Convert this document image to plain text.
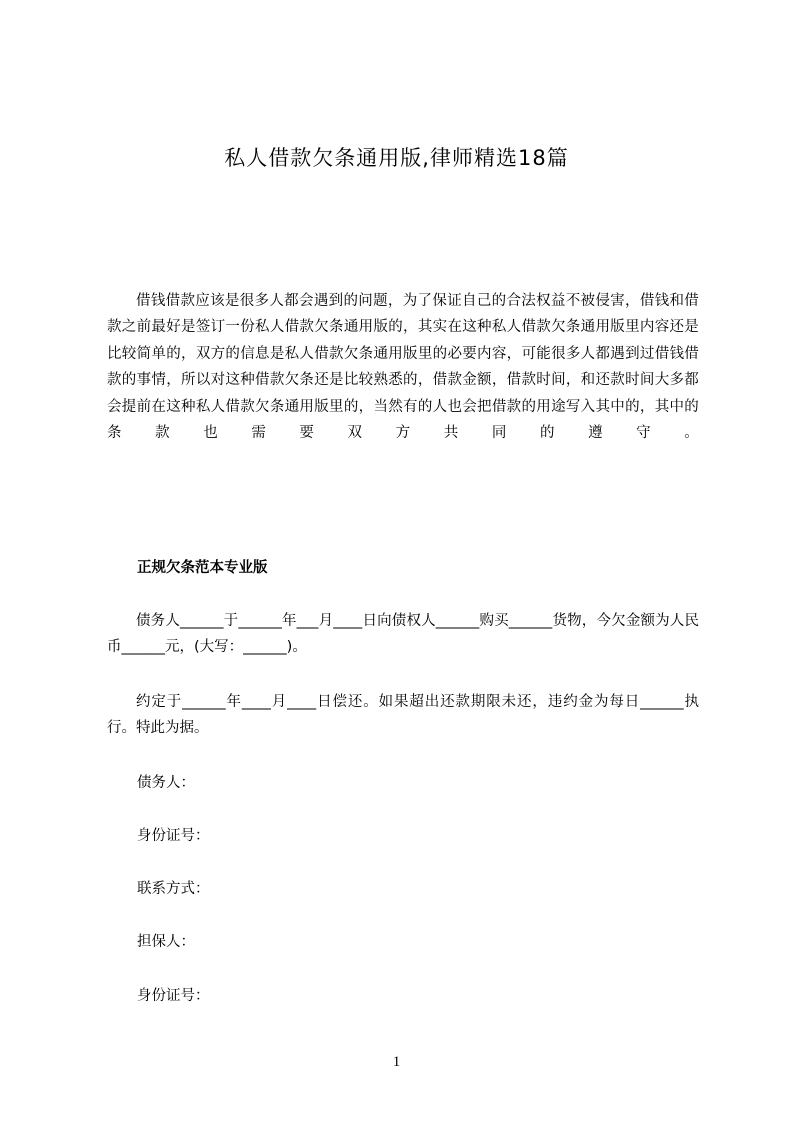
私人借款欠条通用版,律师精选18篇

借钱借款应该是很多人都会遇到的问题，为了保证自己的合法权益不被侵害，借钱和借款之前最好是签订一份私人借款欠条通用版的，其实在这种私人借款欠条通用版里内容还是比较简单的，双方的信息是私人借款欠条通用版里的必要内容，可能很多人都遇到过借钱借款的事情，所以对这种借款欠条还是比较熟悉的，借款金额，借款时间，和还款时间大多都会提前在这种私人借款欠条通用版里的，当然有的人也会把借款的用途写入其中的，其中的条款也需要双方共同的遵守。

正规欠条范本专业版

债务人______于______年___月____日向债权人______购买______货物，今欠金额为人民币______元，(大写：______)。

约定于______年____月____日偿还。如果超出还款期限未还，违约金为每日______执行。特此为据。

债务人：

身份证号：

联系方式：

担保人：

身份证号：

1
